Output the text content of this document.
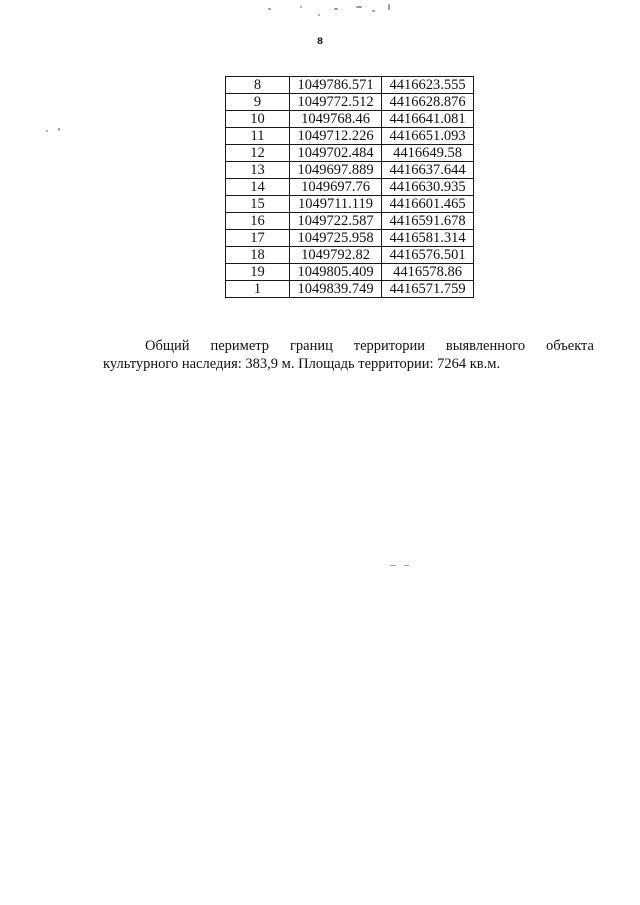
8
8	1049786.571	4416623.555
9	1049772.512	4416628.876
10	1049768.46	4416641.081
11	1049712.226	4416651.093
12	1049702.484	4416649.58
13	1049697.889	4416637.644
14	1049697.76	4416630.935
15	1049711.119	4416601.465
16	1049722.587	4416591.678
17	1049725.958	4416581.314
18	1049792.82	4416576.501
19	1049805.409	4416578.86
1	1049839.749	4416571.759
Общий периметр границ территории выявленного объекта
культурного наследия: 383,9 м. Площадь территории: 7264 кв.м.
